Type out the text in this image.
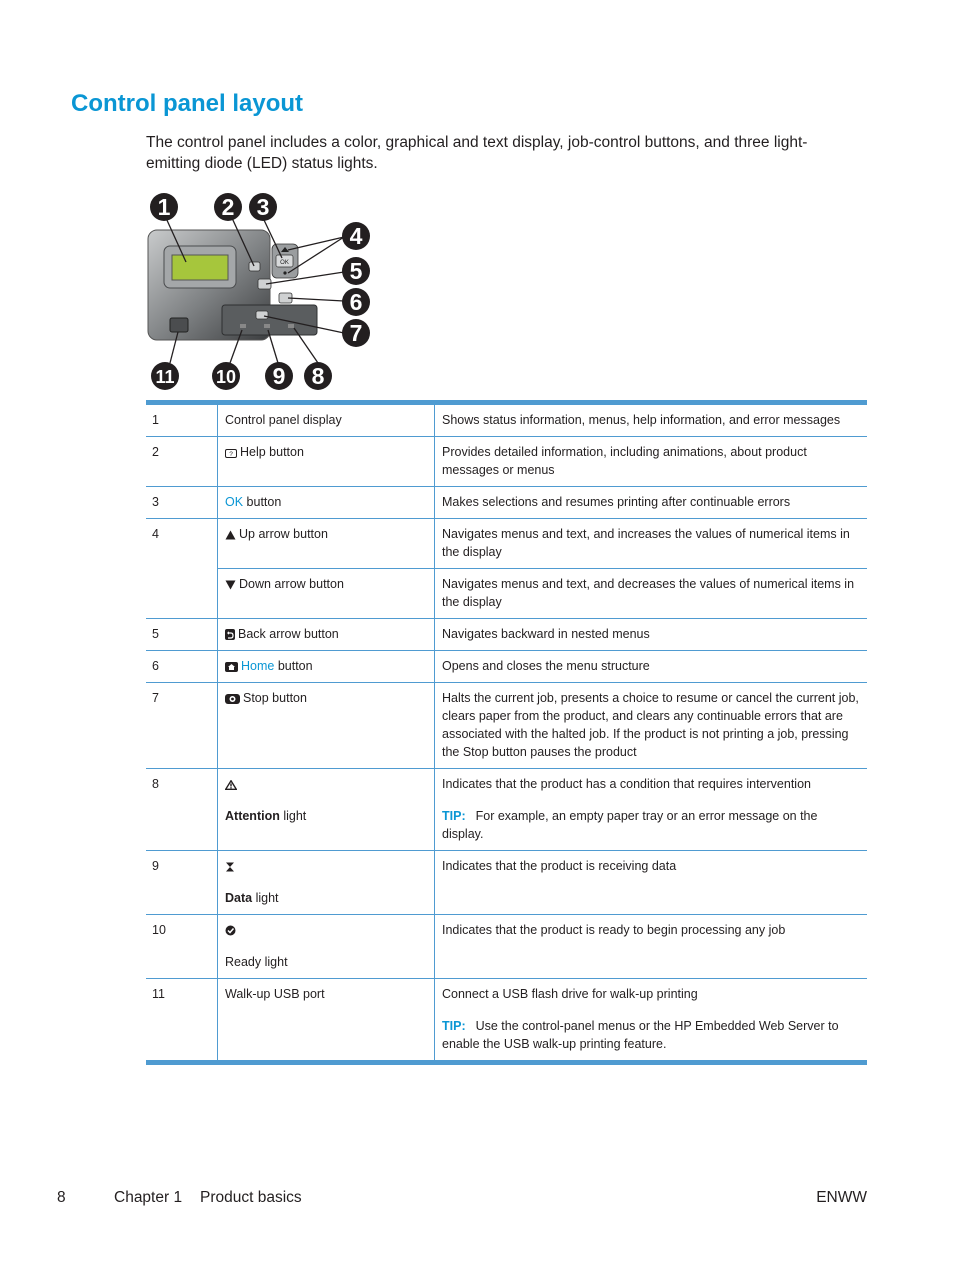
Control panel layout

The control panel includes a color, graphical and text display, job-control buttons, and three light-emitting diode (LED) status lights.

OK
1 2 3
4
5
6
7
8
9
10
11
1	Control panel display	Shows status information, menus, help information, and error messages
2	? Help button	Provides detailed information, including animations, about product messages or menus
3	OK button	Makes selections and resumes printing after continuable errors
4	Up arrow button	Navigates menus and text, and increases the values of numerical items in the display
	Down arrow button	Navigates menus and text, and decreases the values of numerical items in the display
5	Back arrow button	Navigates backward in nested menus
6	Home button	Opens and closes the menu structure
7	Stop button	Halts the current job, presents a choice to resume or cancel the current job, clears paper from the product, and clears any continuable errors that are associated with the halted job. If the product is not printing a job, pressing the Stop button pauses the product
8	Attention light	Indicates that the product has a condition that requires intervention
TIP: For example, an empty paper tray or an error message on the display.

9	Data light	Indicates that the product is receiving data
10	Ready light	Indicates that the product is ready to begin processing any job
11	Walk-up USB port	Connect a USB flash drive for walk-up printing
TIP: Use the control-panel menus or the HP Embedded Web Server to enable the USB walk-up printing feature.
8	Chapter 1 Product basics	ENWW
